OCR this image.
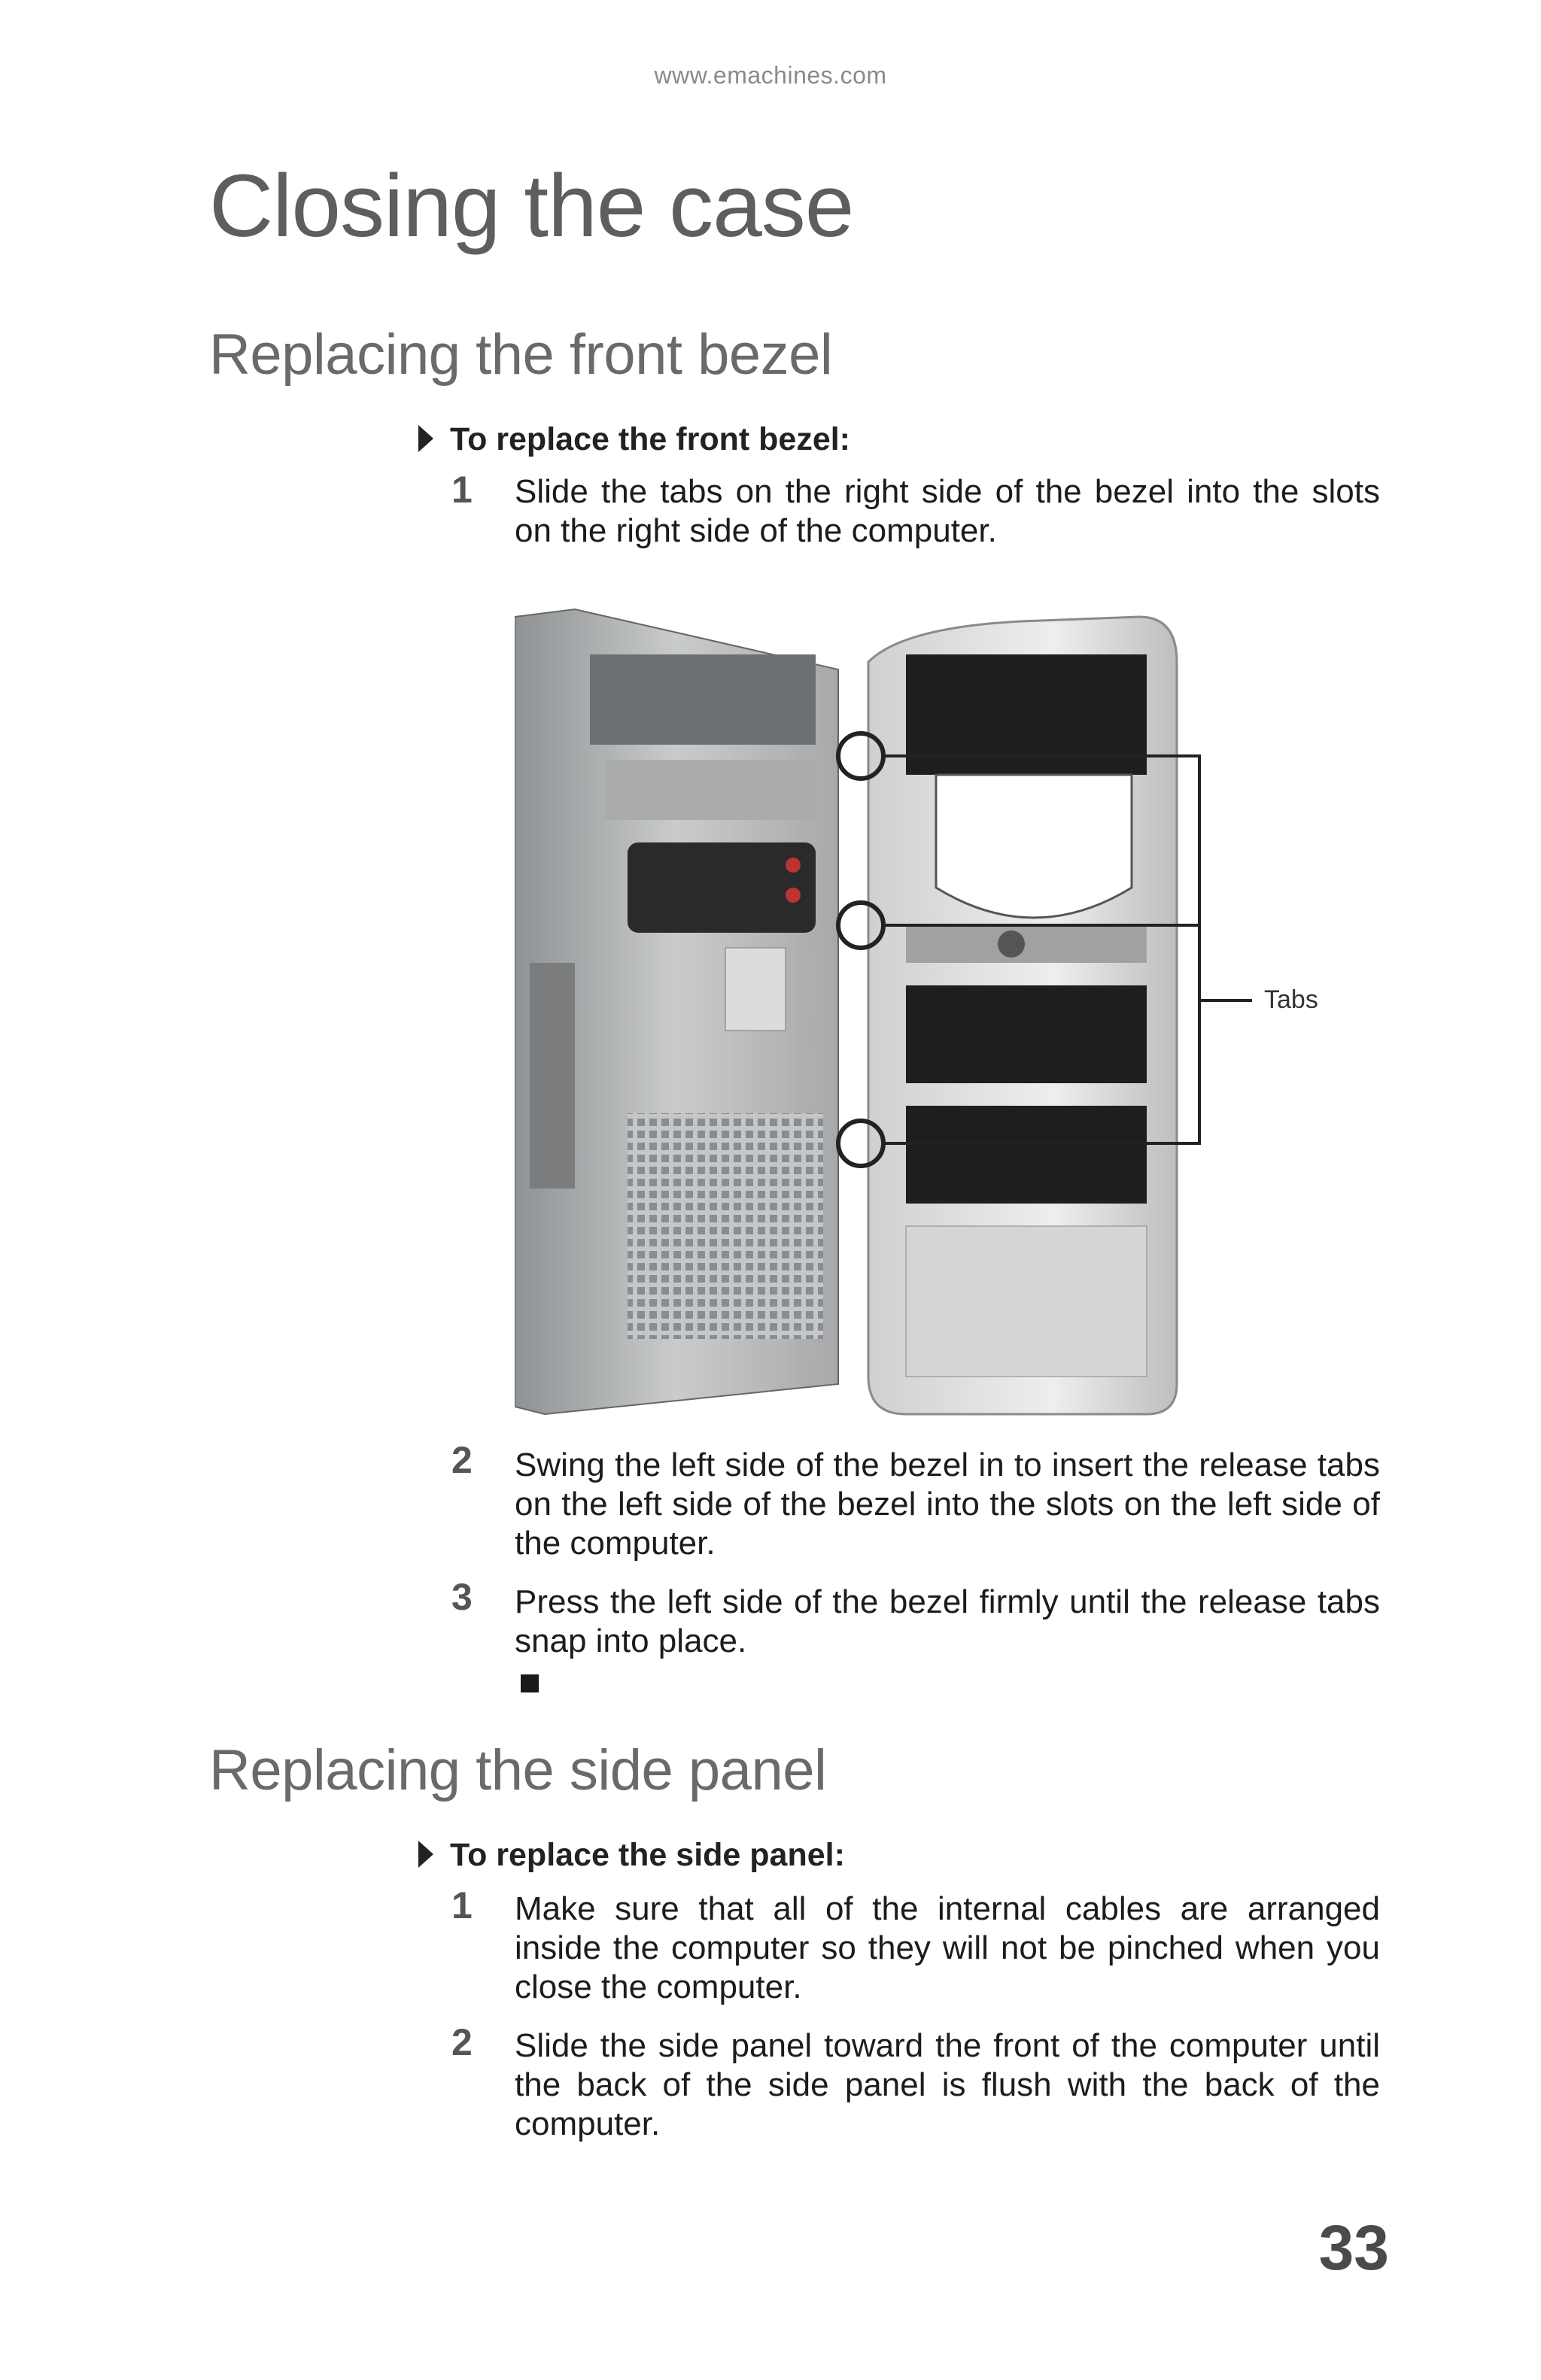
www.emachines.com
Closing the case
Replacing the front bezel
To replace the front bezel:
1 Slide the tabs on the right side of the bezel into the slots on the right side of the computer.
Tabs
2 Swing the left side of the bezel in to insert the release tabs on the left side of the bezel into the slots on the left side of the computer.
3 Press the left side of the bezel firmly until the release tabs snap into place.
Replacing the side panel
To replace the side panel:
1 Make sure that all of the internal cables are arranged inside the computer so they will not be pinched when you close the computer.
2 Slide the side panel toward the front of the computer until the back of the side panel is flush with the back of the computer.
33
